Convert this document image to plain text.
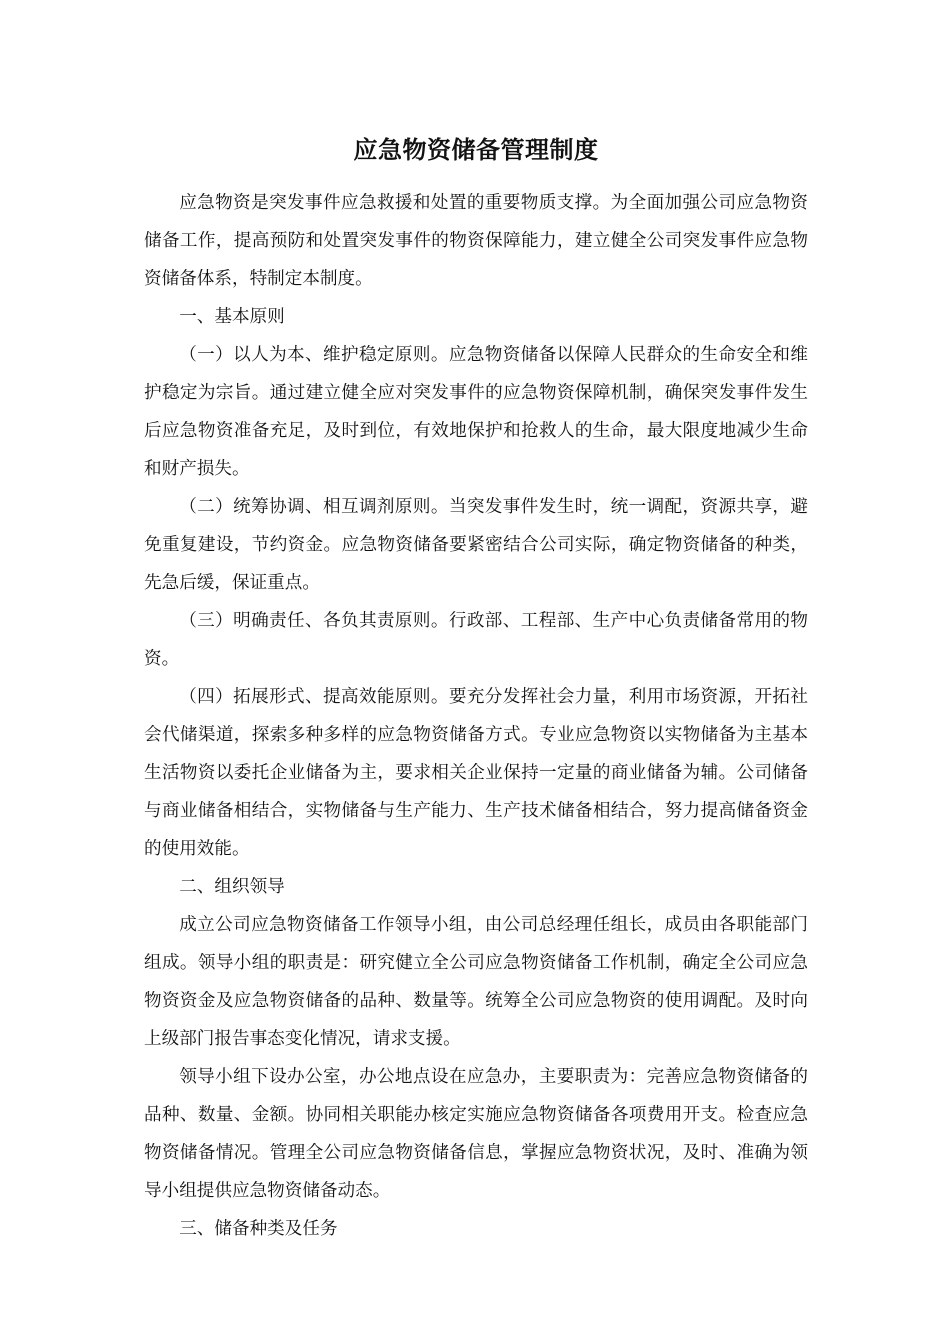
应急物资储备管理制度

应急物资是突发事件应急救援和处置的重要物质支撑。为全面加强公司应急物资储备工作，提高预防和处置突发事件的物资保障能力，建立健全公司突发事件应急物资储备体系，特制定本制度。

一、基本原则

（一）以人为本、维护稳定原则。应急物资储备以保障人民群众的生命安全和维护稳定为宗旨。通过建立健全应对突发事件的应急物资保障机制，确保突发事件发生后应急物资准备充足，及时到位，有效地保护和抢救人的生命，最大限度地减少生命和财产损失。

（二）统筹协调、相互调剂原则。当突发事件发生时，统一调配，资源共享，避免重复建设，节约资金。应急物资储备要紧密结合公司实际，确定物资储备的种类，先急后缓，保证重点。

（三）明确责任、各负其责原则。行政部、工程部、生产中心负责储备常用的物资。

（四）拓展形式、提高效能原则。要充分发挥社会力量，利用市场资源，开拓社会代储渠道，探索多种多样的应急物资储备方式。专业应急物资以实物储备为主基本生活物资以委托企业储备为主，要求相关企业保持一定量的商业储备为辅。公司储备与商业储备相结合，实物储备与生产能力、生产技术储备相结合，努力提高储备资金的使用效能。

二、组织领导

成立公司应急物资储备工作领导小组，由公司总经理任组长，成员由各职能部门组成。领导小组的职责是：研究健立全公司应急物资储备工作机制，确定全公司应急物资资金及应急物资储备的品种、数量等。统筹全公司应急物资的使用调配。及时向上级部门报告事态变化情况，请求支援。

领导小组下设办公室，办公地点设在应急办，主要职责为：完善应急物资储备的品种、数量、金额。协同相关职能办核定实施应急物资储备各项费用开支。检查应急物资储备情况。管理全公司应急物资储备信息，掌握应急物资状况，及时、准确为领导小组提供应急物资储备动态。

三、储备种类及任务
